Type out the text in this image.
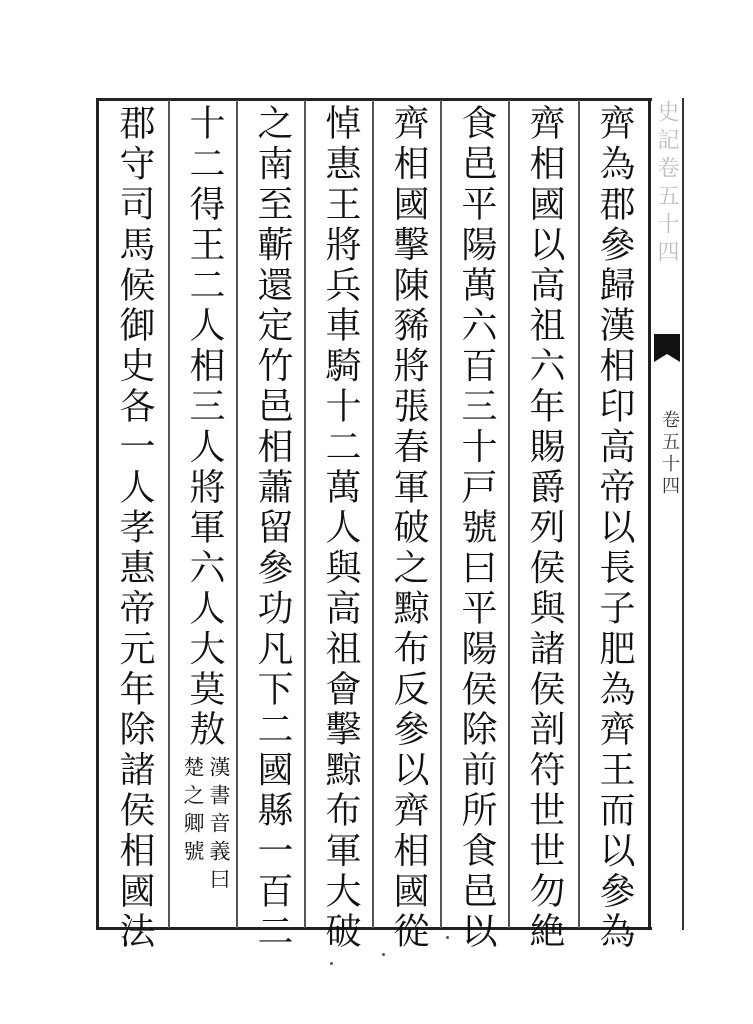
史記卷五十四
卷五十四
齊為郡參歸漢相印高帝以長子肥為齊王而以參為
齊相國以高祖六年賜爵列侯與諸侯剖符世世勿絶
食邑平陽萬六百三十戸號曰平陽侯除前所食邑以
齊相國擊陳豨將張春軍破之黥布反參以齊相國從
悼惠王將兵車騎十二萬人與高祖會擊黥布軍大破
之南至蘄還定竹邑相蕭留參功凡下二國縣一百二
十二得王二人相三人將軍六人大莫敖
漢書音義曰
楚之卿號
郡守司馬候御史各一人孝惠帝元年除諸侯相國法
